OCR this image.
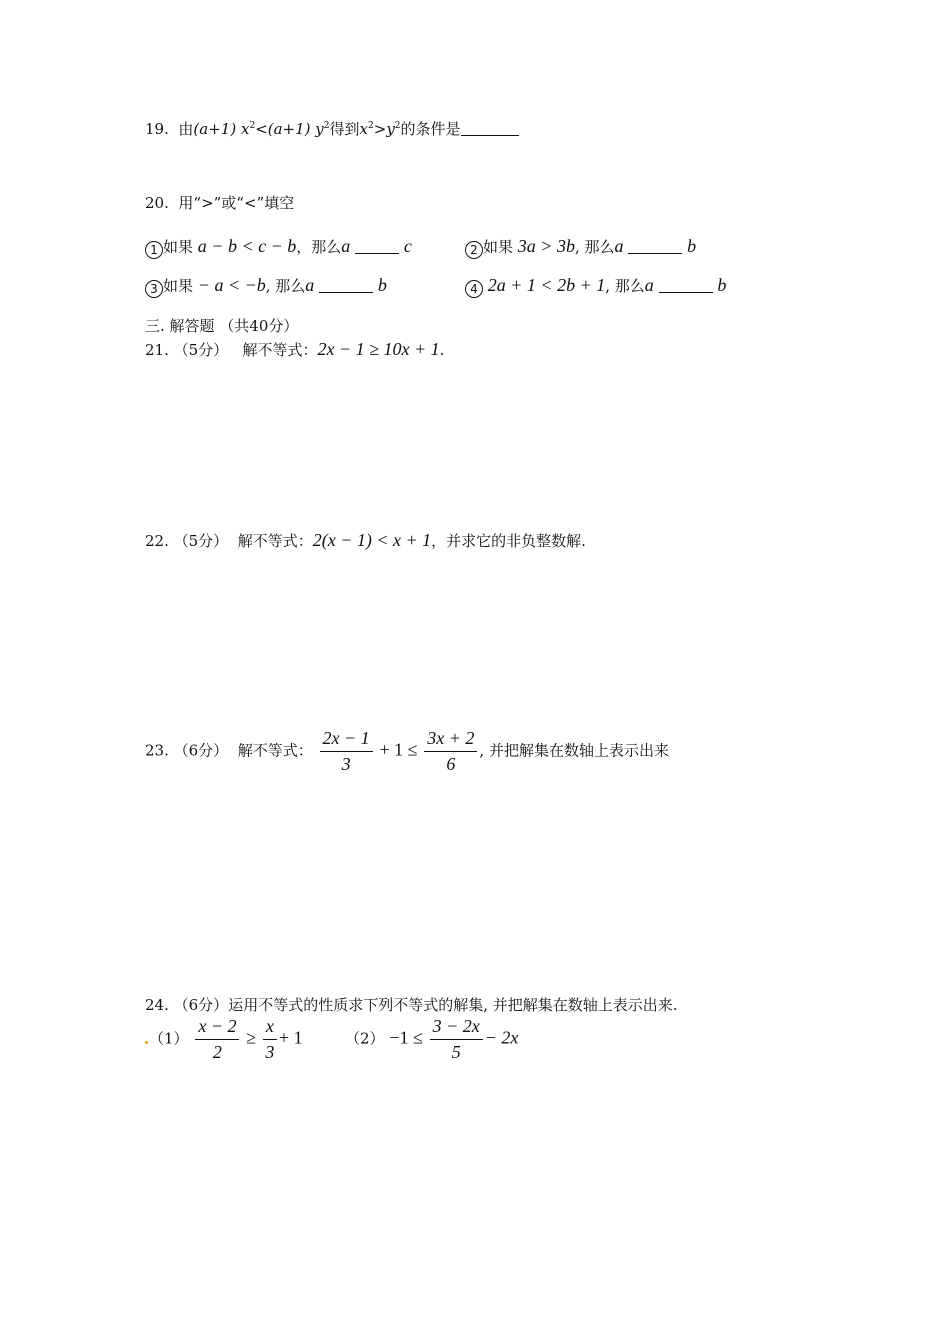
19. 由(a+1) $x^2<(a+1)$ $y^2$得到$x^2>y^2$的条件是
20. 用“>”或“<”填空
1 如果 a − b < c − b，那么a	c	2 如果 3a > 3b, 那么a	b
3 如果 − a < −b, 那么a	b	4 2a + 1 < 2b + 1, 那么a	b
三. 解答题 （共40分）
21. （5分） 解不等式：2x − 1 ≥ 10x + 1.
22. （5分） 解不等式：2(x − 1) < x + 1，并求它的非负整数解.
23. （6分） 解不等式： $\frac{2x - 1}{3} + 1 \le \frac{3x + 2}{6}$ , 并把解集在数轴上表示出来
24. （6分）运用不等式的性质求下列不等式的解集, 并把解集在数轴上表示出来.
$(1) \frac{x - 2}{2} \ge \frac{x}{3} + 1$	$(2) -1 \le \frac{3 - 2x}{5} - 2x$
